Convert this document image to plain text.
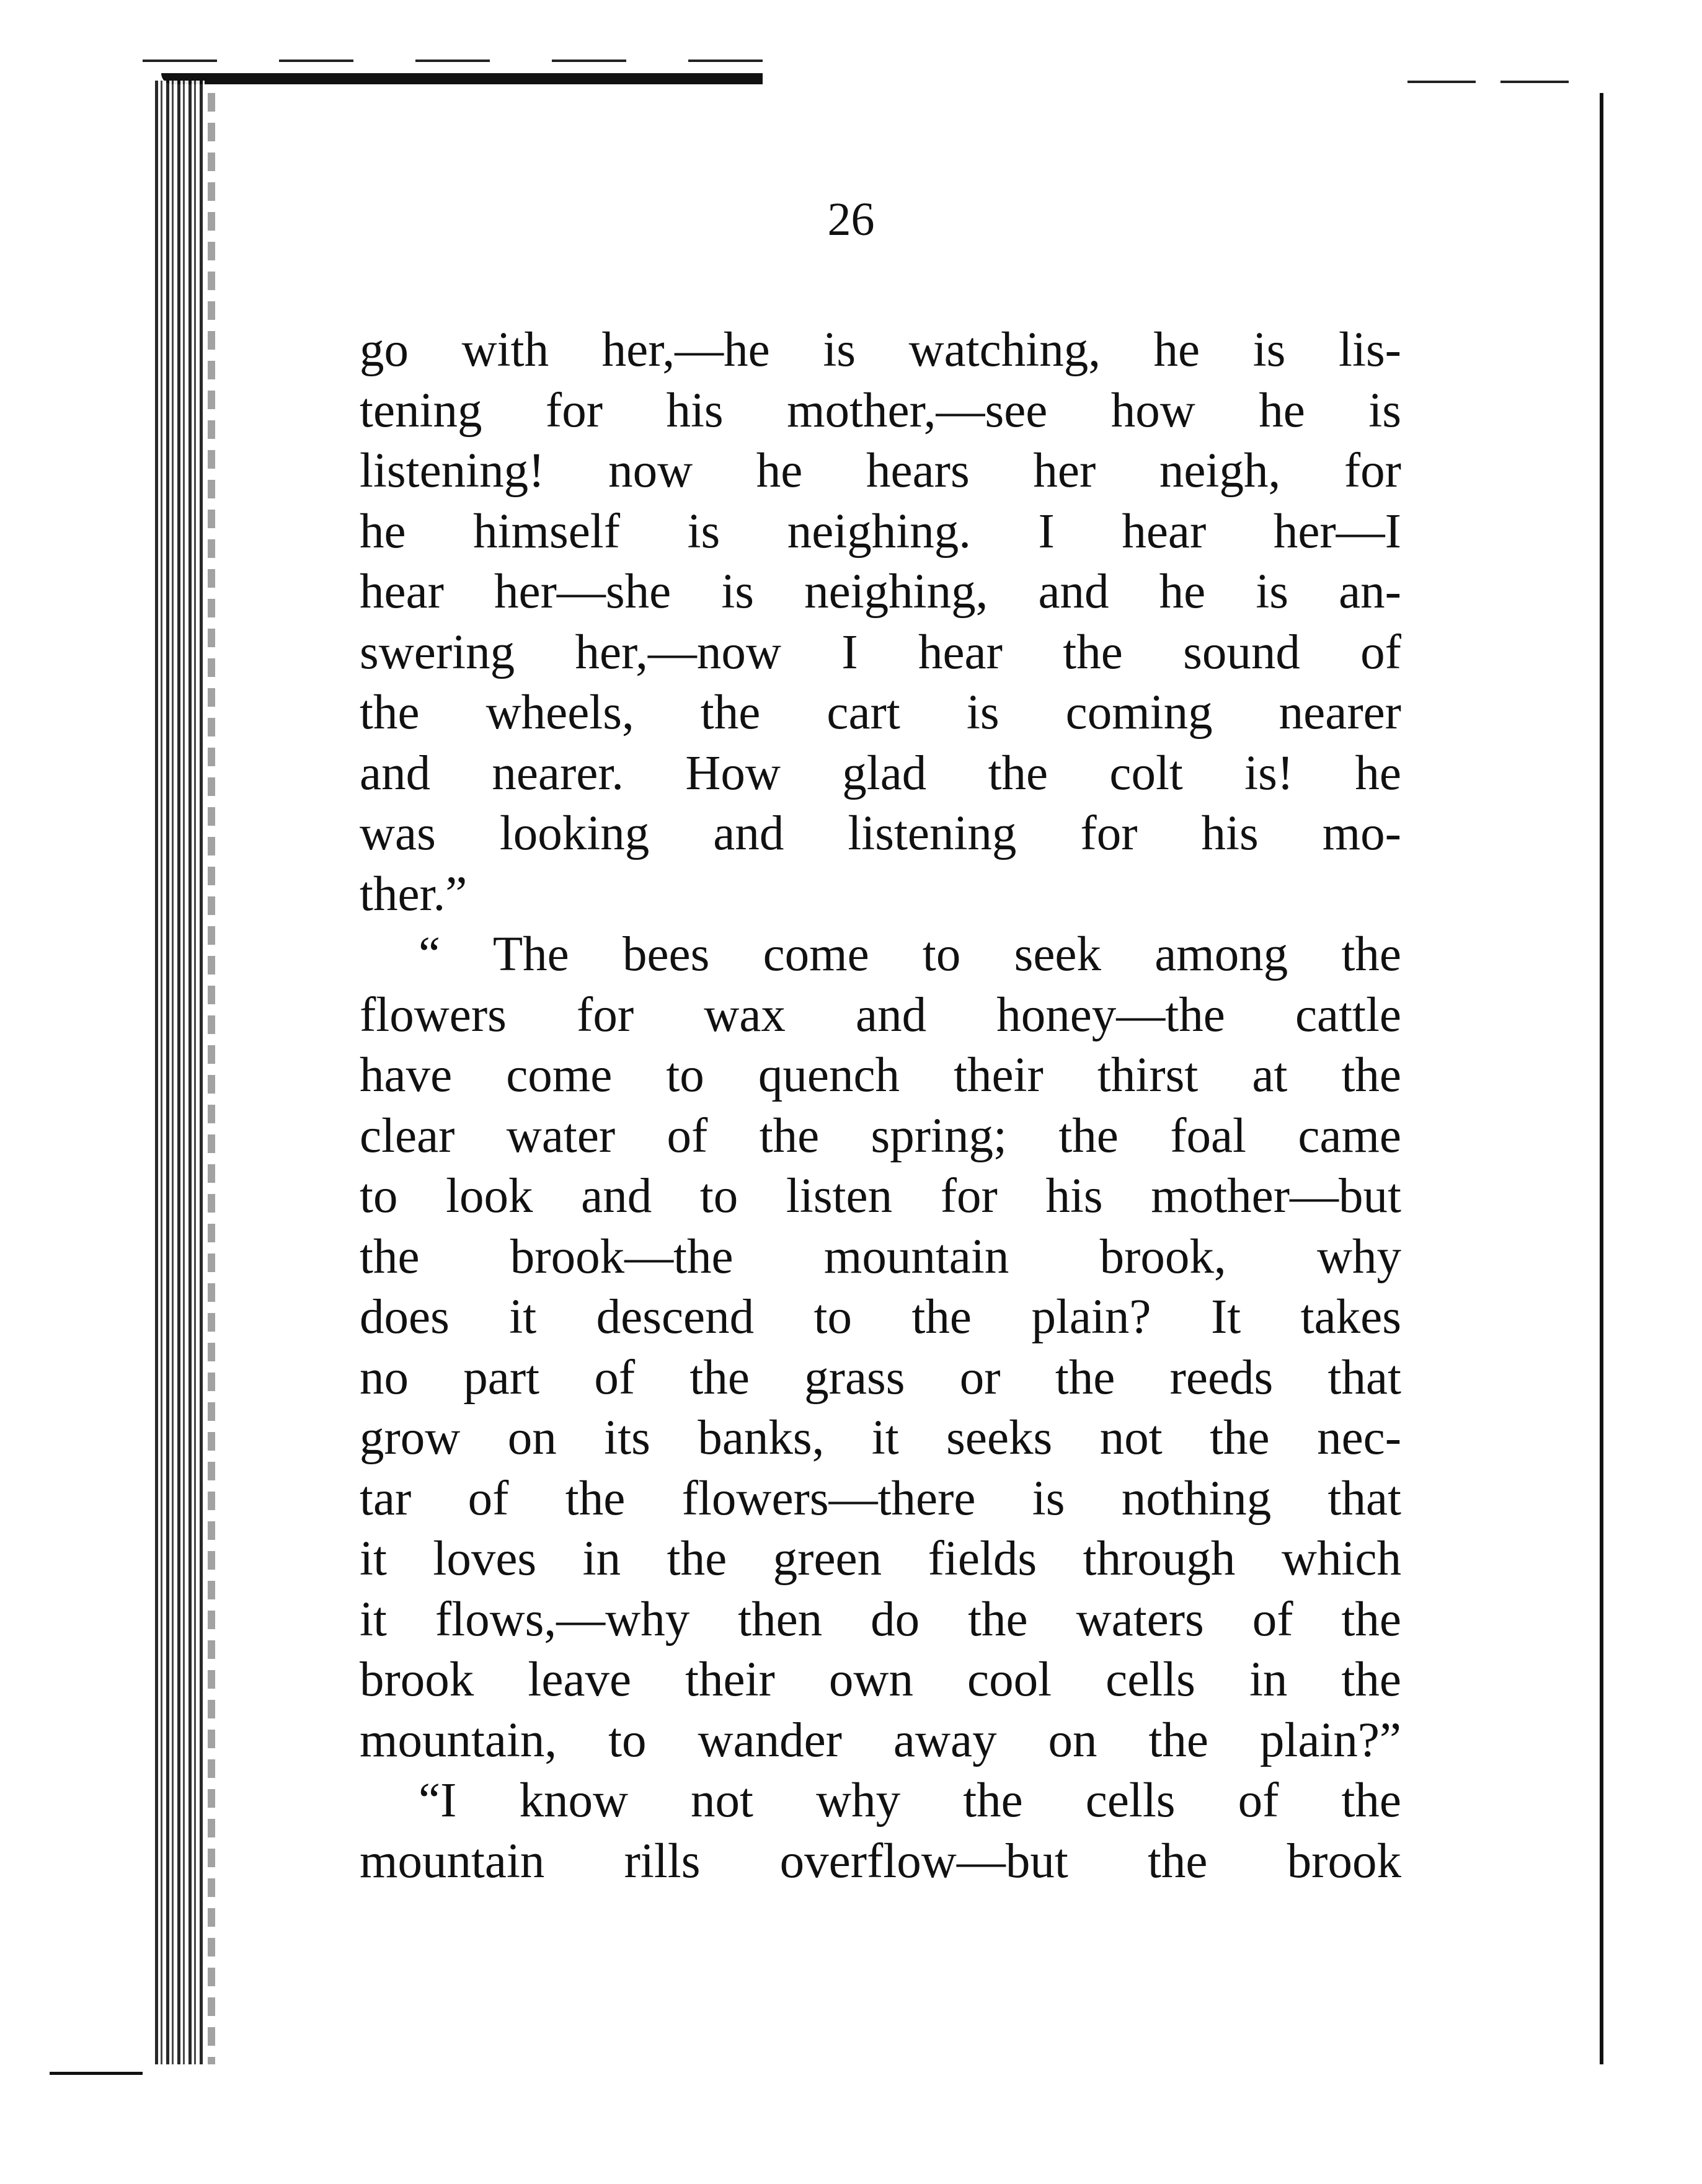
26

go with her,—he is watching, he is lis-
tening for his mother,—see how he is
listening! now he hears her neigh, for
he himself is neighing. I hear her—I
hear her—she is neighing, and he is an-
swering her,—now I hear the sound of
the wheels, the cart is coming nearer
and nearer. How glad the colt is! he
was looking and listening for his mo-
ther.”
“ The bees come to seek among the
flowers for wax and honey—the cattle
have come to quench their thirst at the
clear water of the spring; the foal came
to look and to listen for his mother—but
the brook—the mountain brook, why
does it descend to the plain? It takes
no part of the grass or the reeds that
grow on its banks, it seeks not the nec-
tar of the flowers—there is nothing that
it loves in the green fields through which
it flows,—why then do the waters of the
brook leave their own cool cells in the
mountain, to wander away on the plain?”
“I know not why the cells of the
mountain rills overflow—but the brook
